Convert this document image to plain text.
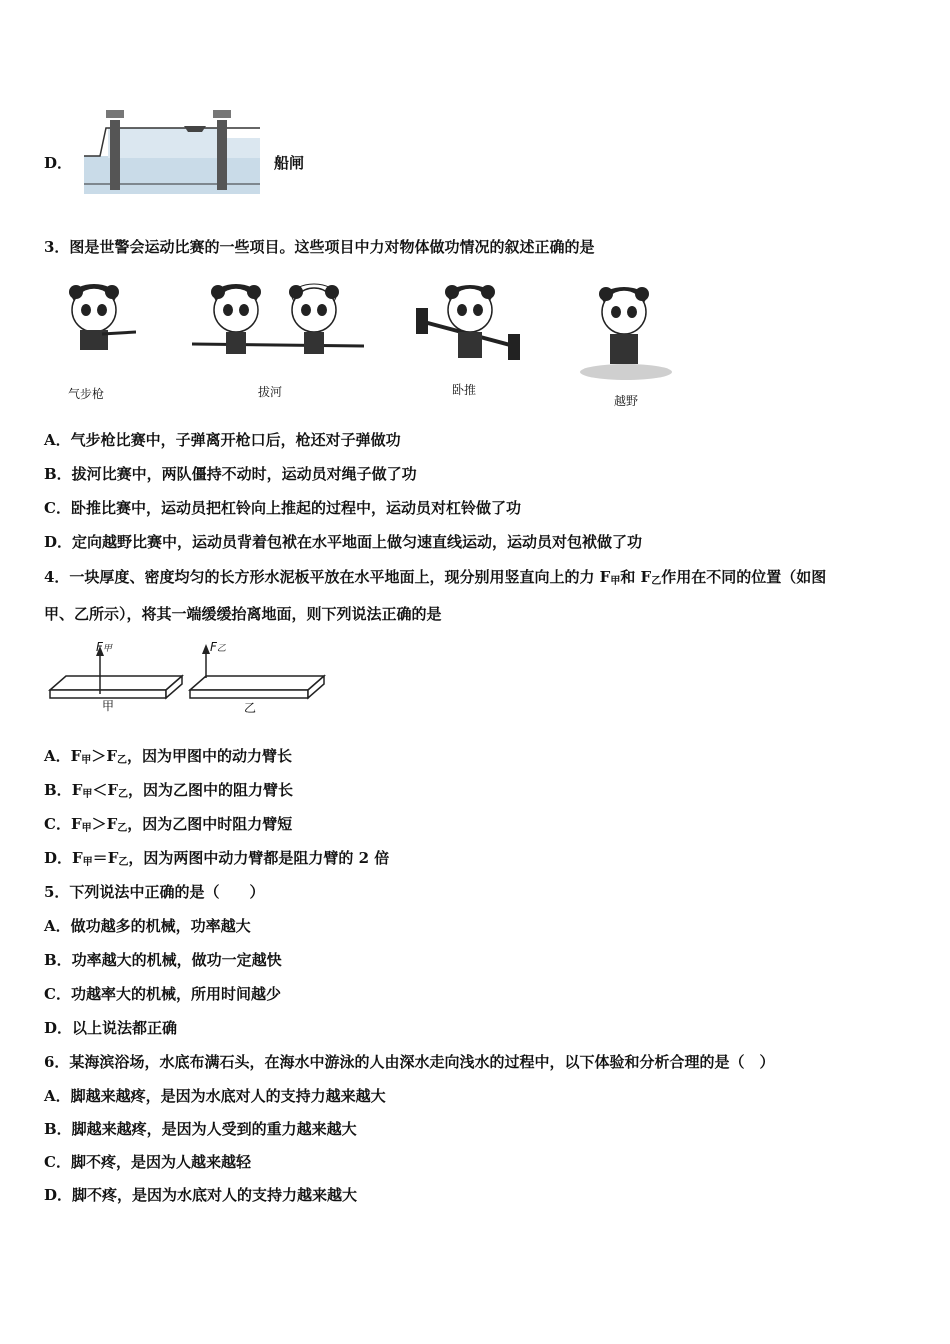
D．	船闸
3．图是世警会运动比赛的一些项目。这些项目中力对物体做功情况的叙述正确的是
气步枪	拔河	卧推
越野
A．气步枪比赛中，子弹离开枪口后，枪还对子弹做功
B．拔河比赛中，两队僵持不动时，运动员对绳子做了功
C．卧推比赛中，运动员把杠铃向上推起的过程中，运动员对杠铃做了功
D．定向越野比赛中，运动员背着包袱在水平地面上做匀速直线运动，运动员对包袱做了功
4．一块厚度、密度均匀的长方形水泥板平放在水平地面上，现分别用竖直向上的力 $F_甲$和 $F_乙$作用在不同的位置（如图
甲、乙所示），将其一端缓缓抬离地面，则下列说法正确的是
F甲	F乙
甲	乙
A．$F_甲>F_乙$，因为甲图中的动力臂长
B．$F_甲<F_乙$，因为乙图中的阻力臂长
C．$F_甲>F_乙$，因为乙图中时阻力臂短
D．$F_甲=F_乙$，因为两图中动力臂都是阻力臂的 2 倍
5．下列说法中正确的是（　　）
A．做功越多的机械，功率越大
B．功率越大的机械，做功一定越快
C．功越率大的机械，所用时间越少
D．以上说法都正确
6．某海滨浴场，水底布满石头，在海水中游泳的人由深水走向浅水的过程中，以下体验和分析合理的是（　）
A．脚越来越疼，是因为水底对人的支持力越来越大
B．脚越来越疼，是因为人受到的重力越来越大
C．脚不疼，是因为人越来越轻
D．脚不疼，是因为水底对人的支持力越来越大
